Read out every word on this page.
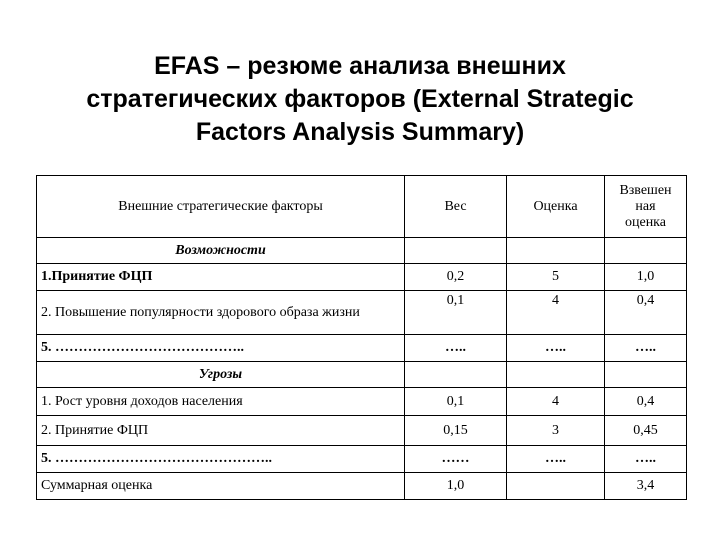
EFAS – резюме анализа внешних
стратегических факторов (External Strategic
Factors Analysis Summary)
Внешние стратегические факторы	Вес	Оценка	Взвешен
ная
оценка

Возможности			
1.Принятие ФЦП	0,2	5	1,0
2. Повышение популярности здорового образа жизни	0,1	4	0,4
5. …………………………………..	…..	…..	…..
Угрозы			
1. Рост уровня доходов населения	0,1	4	0,4
2. Принятие ФЦП	0,15	3	0,45
5. ………………………………………..	……	…..	…..
Суммарная оценка	1,0		3,4
